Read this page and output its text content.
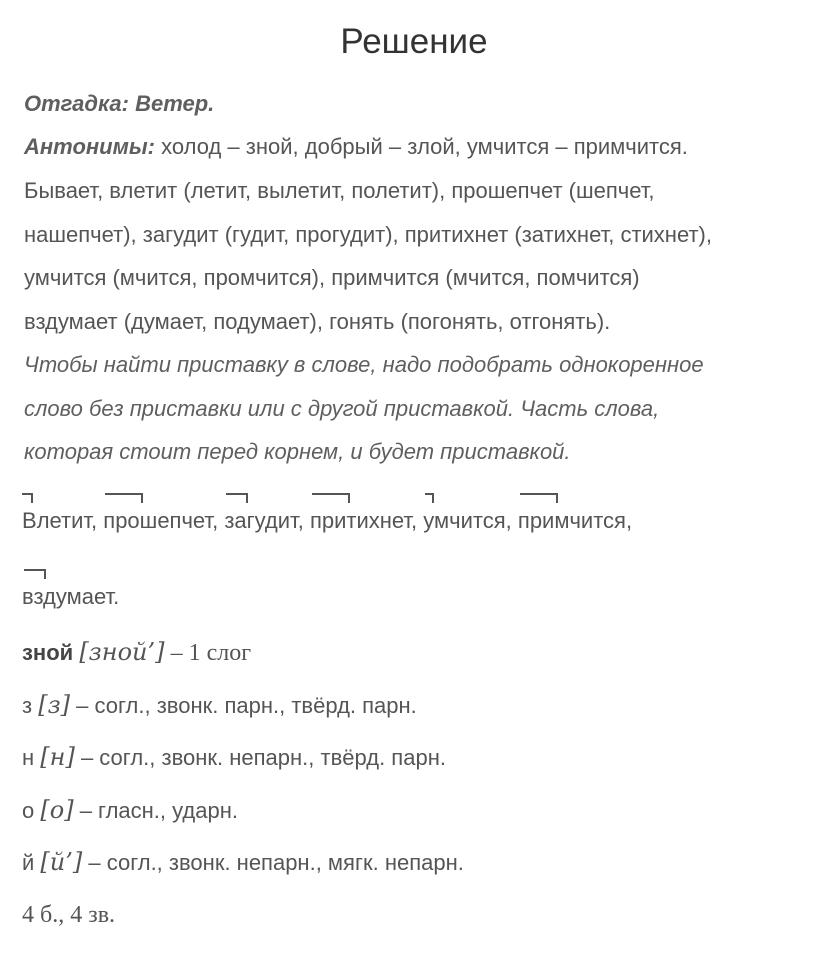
Решение
Отгадка: Ветер.
Антонимы: холод – зной, добрый – злой, умчится – примчится.
Бывает, влетит (летит, вылетит, полетит), прошепчет (шепчет,
нашепчет), загудит (гудит, прогудит), притихнет (затихнет, стихнет),
умчится (мчится, промчится), примчится (мчится, помчится)
вздумает (думает, подумает), гонять (погонять, отгонять).
Чтобы найти приставку в слове, надо подобрать однокоренное
слово без приставки или с другой приставкой. Часть слова,
которая стоит перед корнем, и будет приставкой.
Влетит, прошепчет, загудит, притихнет, умчится, примчится,
вздумает.
зной [зной’] – 1 слог
з [з] – согл., звонк. парн., твёрд. парн.
н [н] – согл., звонк. непарн., твёрд. парн.
о [о] – гласн., ударн.
й [й’] – согл., звонк. непарн., мягк. непарн.
4 б., 4 зв.
